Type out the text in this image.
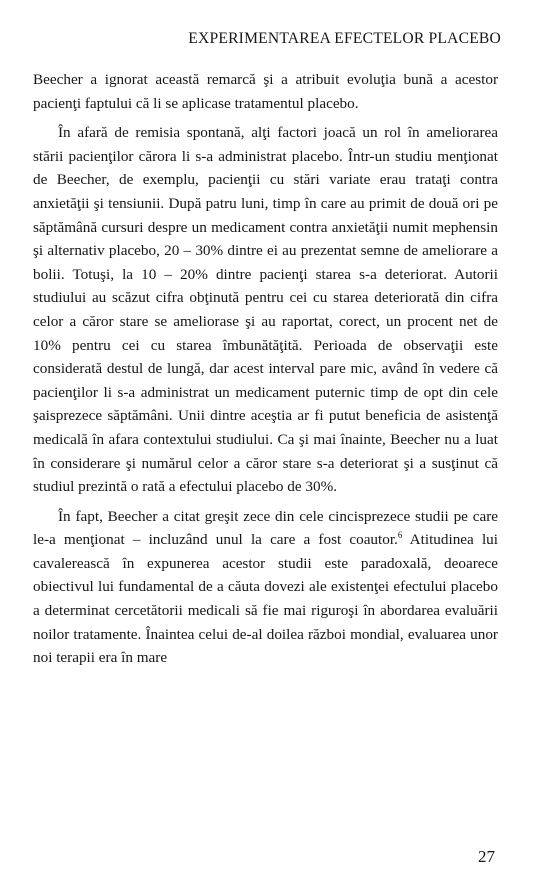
EXPERIMENTAREA EFECTELOR PLACEBO

Beecher a ignorat această remarcă şi a atribuit evoluţia bună a acestor pacienţi faptului că li se aplicase tratamentul placebo.

În afară de remisia spontană, alţi factori joacă un rol în ameliorarea stării pacienţilor cărora li s-a administrat placebo. Într-un studiu menţionat de Beecher, de exemplu, pacienţii cu stări variate erau trataţi contra anxietăţii şi tensiunii. După patru luni, timp în care au primit de două ori pe săptămână cursuri despre un medicament contra anxietăţii numit mephensin şi alternativ placebo, 20 – 30% dintre ei au prezentat semne de ameliorare a bolii. Totuşi, la 10 – 20% dintre pacienţi starea s-a deteriorat. Autorii studiului au scăzut cifra obţinută pentru cei cu starea deteriorată din cifra celor a căror stare se ameliorase şi au raportat, corect, un procent net de 10% pentru cei cu starea îmbunătăţită. Perioada de observaţii este considerată destul de lungă, dar acest interval pare mic, având în vedere că pacienţilor li s-a administrat un medicament puternic timp de opt din cele şaisprezece săptămâni. Unii dintre aceştia ar fi putut beneficia de asistenţă medicală în afara contextului studiului. Ca şi mai înainte, Beecher nu a luat în considerare şi numărul celor a căror stare s-a deteriorat şi a susţinut că studiul prezintă o rată a efectului placebo de 30%.

În fapt, Beecher a citat greşit zece din cele cincisprezece studii pe care le-a menţionat – incluzând unul la care a fost coautor.$^6$ Atitudinea lui cavalerească în expunerea acestor studii este paradoxală, deoarece obiectivul lui fundamental de a căuta dovezi ale existenţei efectului placebo a determinat cercetătorii medicali să fie mai riguroşi în abordarea evaluării noilor tratamente. Înaintea celui de-al doilea război mondial, evaluarea unor noi terapii era în mare

27
